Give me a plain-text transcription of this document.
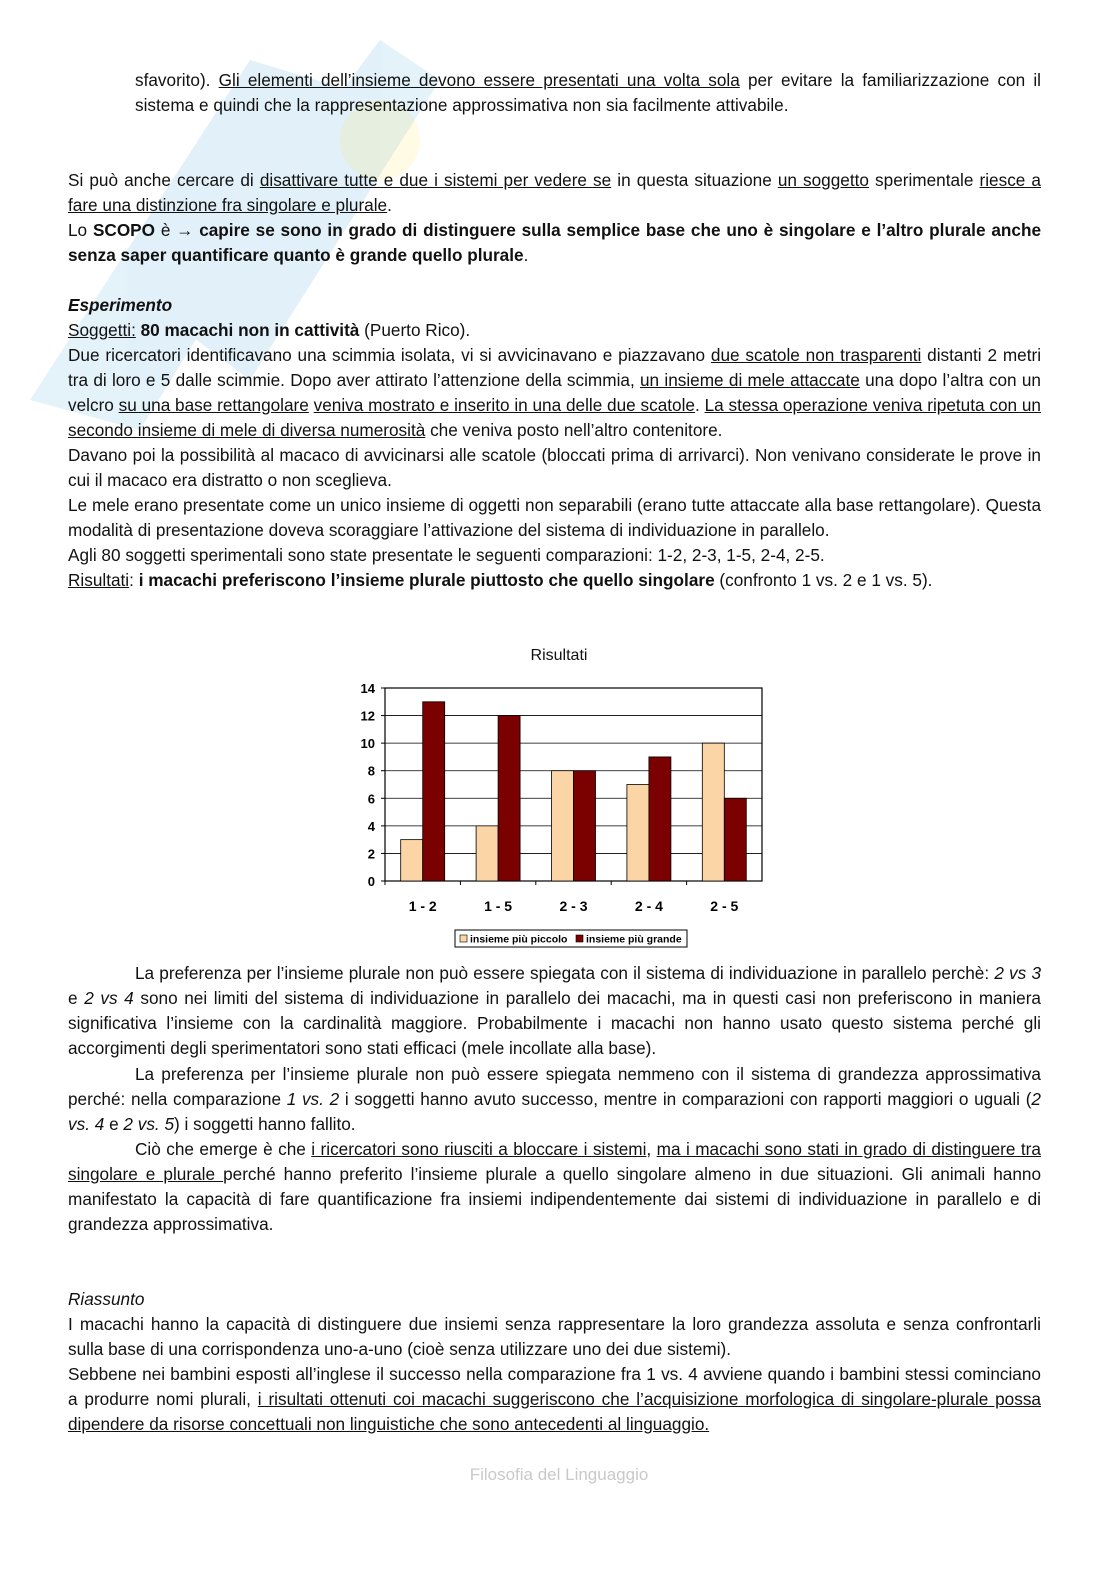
sfavorito). Gli elementi dell’insieme devono essere presentati una volta sola per evitare la familiarizzazione con il sistema e quindi che la rappresentazione approssimativa non sia facilmente attivabile.

Si può anche cercare di disattivare tutte e due i sistemi per vedere se in questa situazione un soggetto sperimentale riesce a fare una distinzione fra singolare e plurale.
Lo SCOPO è → capire se sono in grado di distinguere sulla semplice base che uno è singolare e l’altro plurale anche senza saper quantificare quanto è grande quello plurale.

Esperimento

Soggetti: 80 macachi non in cattività (Puerto Rico).
Due ricercatori identificavano una scimmia isolata, vi si avvicinavano e piazzavano due scatole non trasparenti distanti 2 metri tra di loro e 5 dalle scimmie. Dopo aver attirato l’attenzione della scimmia, un insieme di mele attaccate una dopo l’altra con un velcro su una base rettangolare veniva mostrato e inserito in una delle due scatole. La stessa operazione veniva ripetuta con un secondo insieme di mele di diversa numerosità che veniva posto nell’altro contenitore.
Davano poi la possibilità al macaco di avvicinarsi alle scatole (bloccati prima di arrivarci). Non venivano considerate le prove in cui il macaco era distratto o non sceglieva.
Le mele erano presentate come un unico insieme di oggetti non separabili (erano tutte attaccate alla base rettangolare). Questa modalità di presentazione doveva scoraggiare l’attivazione del sistema di individuazione in parallelo.
Agli 80 soggetti sperimentali sono state presentate le seguenti comparazioni: 1-2, 2-3, 1-5, 2-4, 2-5.
Risultati: i macachi preferiscono l’insieme plurale piuttosto che quello singolare (confronto 1 vs. 2 e 1 vs. 5).

Risultati
0
2
4
6
8
10
12
14
1 - 2	1 - 5	2 - 3	2 - 4	2 - 5
insieme più piccolo insieme più grande

La preferenza per l’insieme plurale non può essere spiegata con il sistema di individuazione in parallelo perchè: 2 vs 3 e 2 vs 4 sono nei limiti del sistema di individuazione in parallelo dei macachi, ma in questi casi non preferiscono in maniera significativa l’insieme con la cardinalità maggiore. Probabilmente i macachi non hanno usato questo sistema perché gli accorgimenti degli sperimentatori sono stati efficaci (mele incollate alla base).

La preferenza per l’insieme plurale non può essere spiegata nemmeno con il sistema di grandezza approssimativa perché: nella comparazione 1 vs. 2 i soggetti hanno avuto successo, mentre in comparazioni con rapporti maggiori o uguali (2 vs. 4 e 2 vs. 5) i soggetti hanno fallito.

Ciò che emerge è che i ricercatori sono riusciti a bloccare i sistemi, ma i macachi sono stati in grado di distinguere tra singolare e plurale perché hanno preferito l’insieme plurale a quello singolare almeno in due situazioni. Gli animali hanno manifestato la capacità di fare quantificazione fra insiemi indipendentemente dai sistemi di individuazione in parallelo e di grandezza approssimativa.

Riassunto

I macachi hanno la capacità di distinguere due insiemi senza rappresentare la loro grandezza assoluta e senza confrontarli sulla base di una corrispondenza uno-a-uno (cioè senza utilizzare uno dei due sistemi).
Sebbene nei bambini esposti all’inglese il successo nella comparazione fra 1 vs. 4 avviene quando i bambini stessi cominciano a produrre nomi plurali, i risultati ottenuti coi macachi suggeriscono che l’acquisizione morfologica di singolare-plurale possa dipendere da risorse concettuali non linguistiche che sono antecedenti al linguaggio.

Filosofia del Linguaggio
